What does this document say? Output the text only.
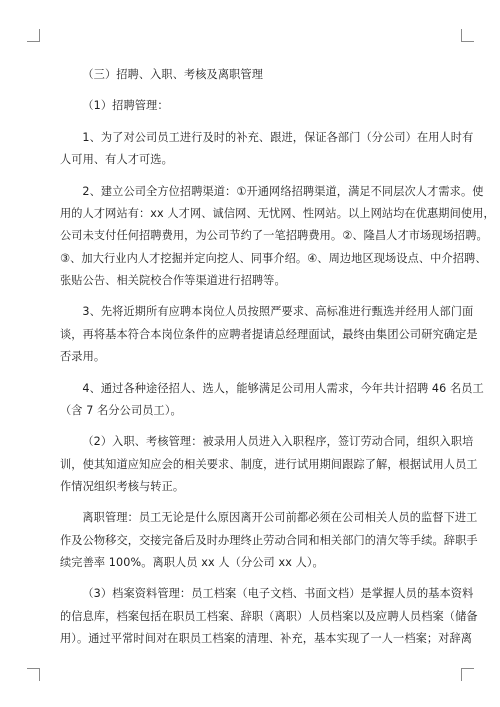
（三）招聘、入职、考核及离职管理

（1）招聘管理：

1、为了对公司员工进行及时的补充、跟进，保证各部门（分公司）在用人时有
人可用、有人才可选。

2、建立公司全方位招聘渠道：①开通网络招聘渠道，满足不同层次人才需求。使
用的人才网站有：xx 人才网、诚信网、无忧网、性网站。以上网站均在优惠期间使用，
公司未支付任何招聘费用，为公司节约了一笔招聘费用。②、隆昌人才市场现场招聘。
③、加大行业内人才挖掘并定向挖人、同事介绍。④、周边地区现场设点、中介招聘、
张贴公告、相关院校合作等渠道进行招聘等。

3、先将近期所有应聘本岗位人员按照严要求、高标准进行甄选并经用人部门面
谈，再将基本符合本岗位条件的应聘者提请总经理面试，最终由集团公司研究确定是
否录用。

4、通过各种途径招人、选人，能够满足公司用人需求，今年共计招聘 46 名员工
（含 7 名分公司员工）。

（2）入职、考核管理：被录用人员进入入职程序，签订劳动合同，组织入职培
训，使其知道应知应会的相关要求、制度，进行试用期间跟踪了解，根据试用人员工
作情况组织考核与转正。

离职管理：员工无论是什么原因离开公司前都必须在公司相关人员的监督下进工
作及公物移交，交接完备后及时办理终止劳动合同和相关部门的清欠等手续。辞职手
续完善率 100%。离职人员 xx 人（分公司 xx 人）。

（3）档案资料管理：员工档案（电子文档、书面文档）是掌握人员的基本资料
的信息库，档案包括在职员工档案、辞职（离职）人员档案以及应聘人员档案（储备
用）。通过平常时间对在职员工档案的清理、补充，基本实现了一人一档案；对辞离
